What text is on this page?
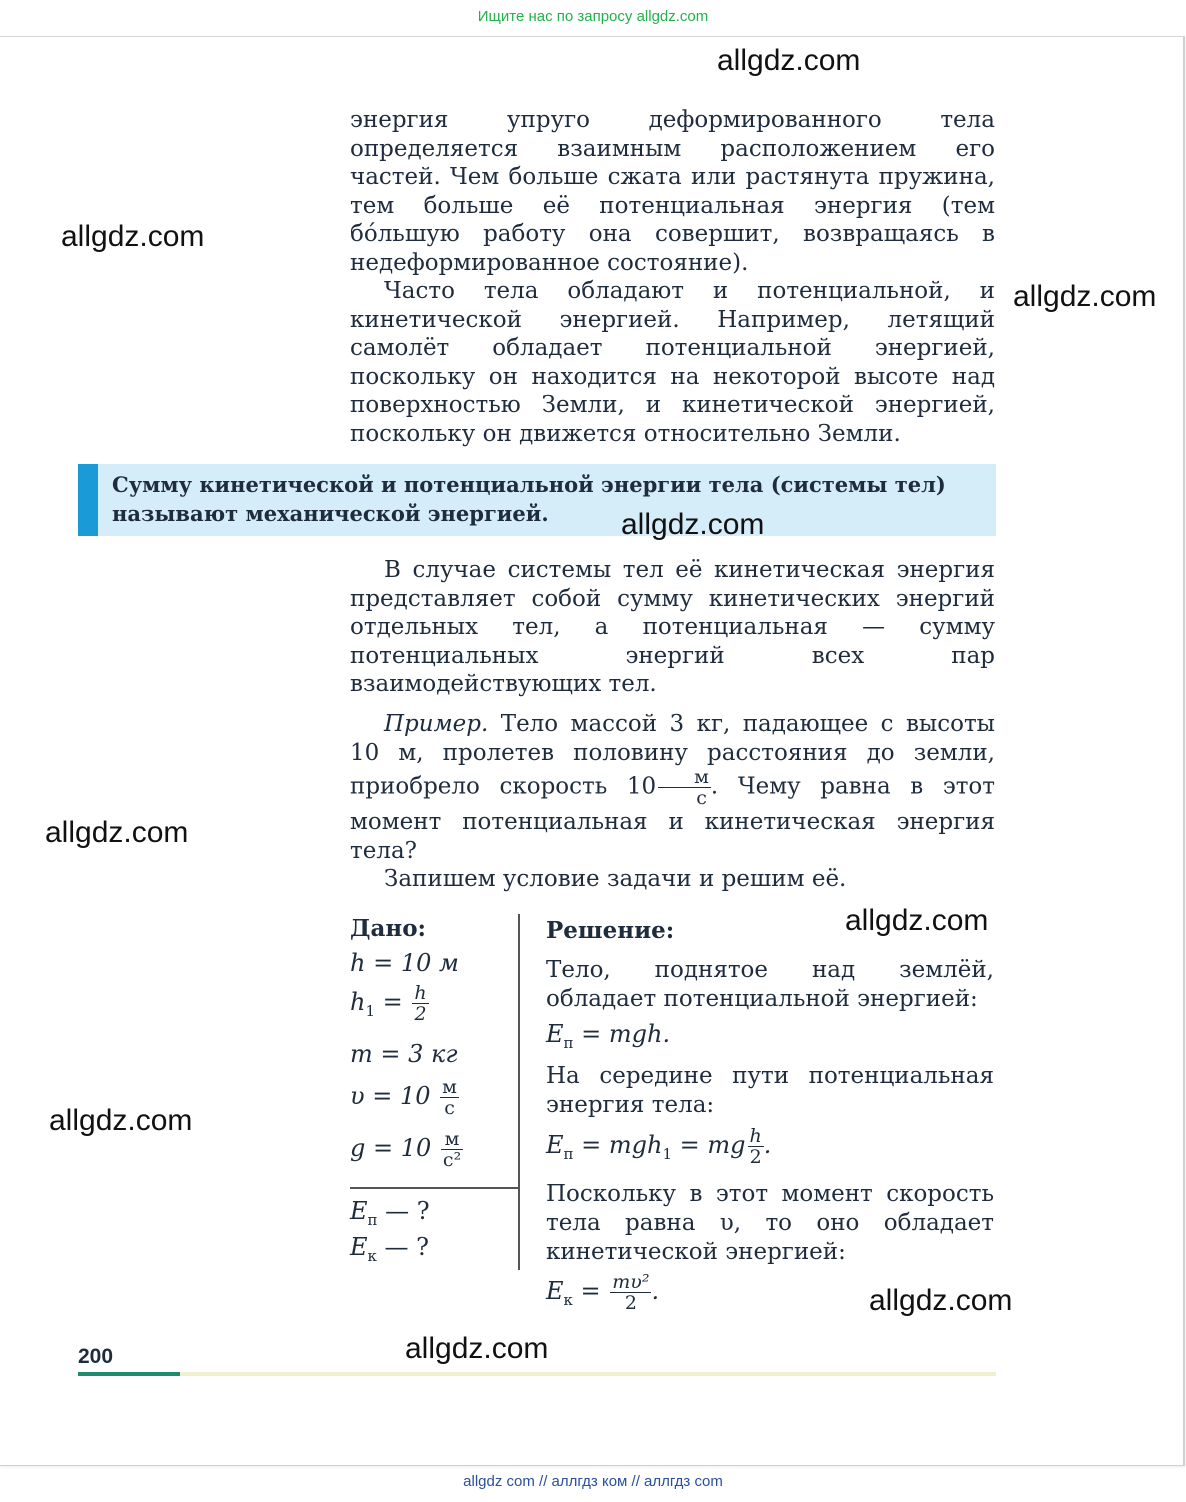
Ищите нас по запросу allgdz.com

энергия упруго деформированного тела определяется взаимным расположением его частей. Чем больше сжата или растянута пружина, тем больше её потенциальная энергия (тем бóльшую работу она совершит, возвращаясь в недеформированное состояние).

Часто тела обладают и потенциальной, и кинетической энергией. Например, летящий самолёт обладает потенциальной энергией, поскольку он находится на некоторой высоте над поверхностью Земли, и кинетической энергией, поскольку он движется относительно Земли.

Сумму кинетической и потенциальной энергии тела (системы тел) называют механической энергией.

В случае системы тел её кинетическая энергия представляет собой сумму кинетических энергий отдельных тел, а потенциальная — сумму потенциальных энергий всех пар взаимодействующих тел.

Пример. Тело массой 3 кг, падающее с высоты 10 м, пролетев половину расстояния до земли, приобрело скорость $10 \frac{м}{с}$ . Чему равна в этот момент потенциальная и кинетическая энергия тела?

Запишем условие задачи и решим её.

Дано:
h = 10 м
$h_1 = \frac{h}{2}$
m = 3 кг
$\upsilon = 10 \frac{м}{с}$
$g = 10 \frac{м}{\text{с²}}$
$E_п$ — ?
$E_к$ — ?
Решение:
Тело, поднятое над землёй, обладает потенциальной энергией:
$E_п$ = mgh.
На середине пути потенциальная энергия тела:
$E_п = mgh_1$ = mg $\frac{h}{2}$ .
Поскольку в этот момент скорость тела равна υ, то оно обладает кинетической энергией:
$E_к = \frac{\text{mυ²}}{2}$ .
200
allgdz.com
allgdz.com
allgdz.com
allgdz.com
allgdz.com
allgdz.com
allgdz.com
allgdz.com
allgdz.com
allgdz com // аллгдз ком // аллгдз com
